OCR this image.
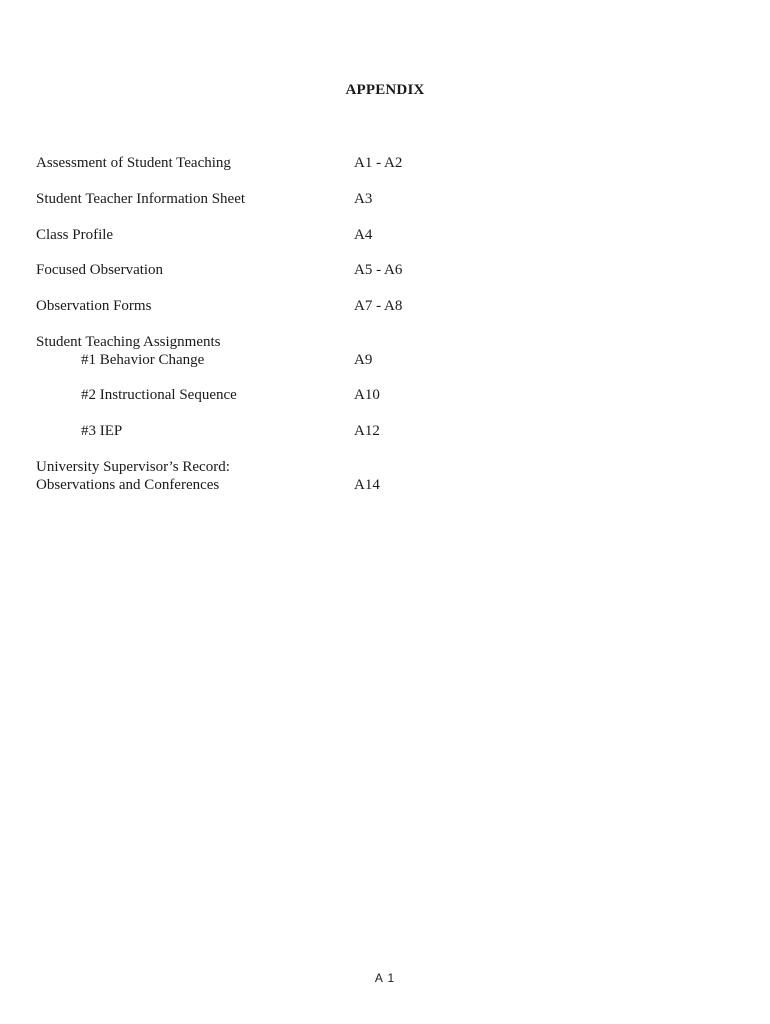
APPENDIX
Assessment of Student Teaching	A1 - A2
Student Teacher Information Sheet	A3
Class Profile	A4
Focused Observation	A5 - A6
Observation Forms	A7 - A8
Student Teaching Assignments
#1 Behavior Change	A9
#2 Instructional Sequence	A10
#3 IEP	A12
University Supervisor’s Record:
Observations and Conferences	A14
A 1
